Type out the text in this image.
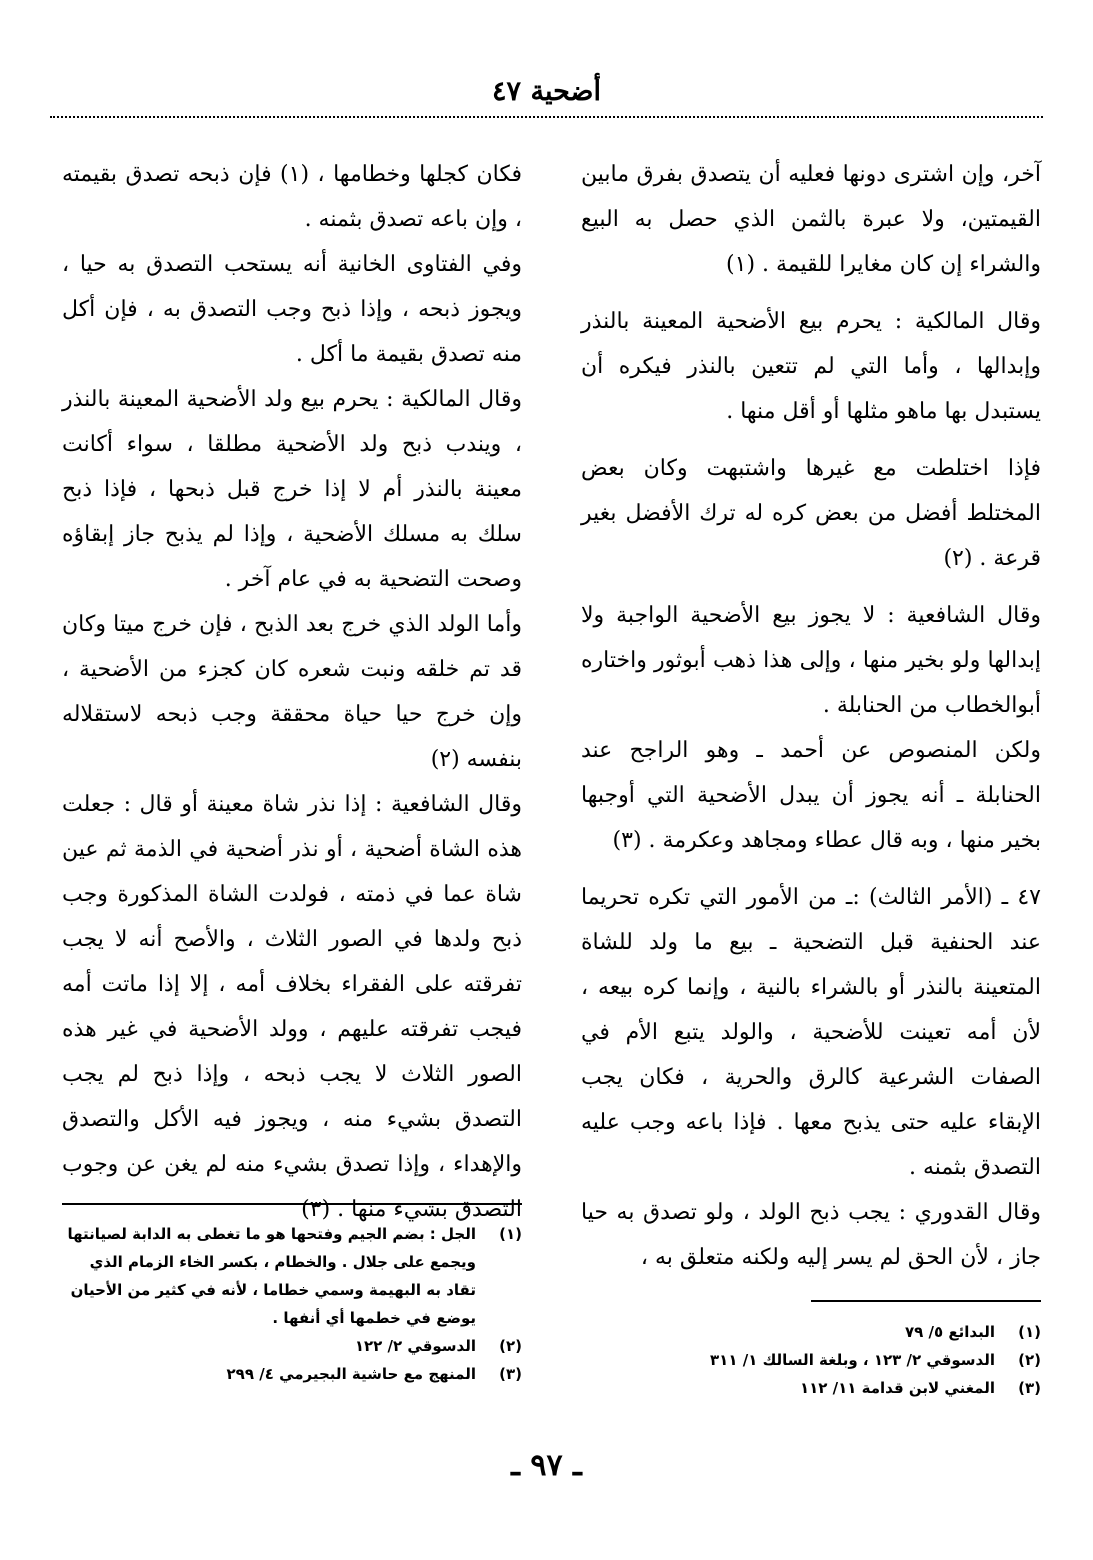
أضحية ٤٧

آخر، وإن اشترى دونها فعليه أن يتصدق بفرق مابين القيمتين، ولا عبرة بالثمن الذي حصل به البيع والشراء إن كان مغايرا للقيمة . (١)

وقال المالكية : يحرم بيع الأضحية المعينة بالنذر وإبدالها ، وأما التي لم تتعين بالنذر فيكره أن يستبدل بها ماهو مثلها أو أقل منها .

فإذا اختلطت مع غيرها واشتبهت وكان بعض المختلط أفضل من بعض كره له ترك الأفضل بغير قرعة . (٢)

وقال الشافعية : لا يجوز بيع الأضحية الواجبة ولا إبدالها ولو بخير منها ، وإلى هذا ذهب أبوثور واختاره أبوالخطاب من الحنابلة .

ولكن المنصوص عن أحمد ـ وهو الراجح عند الحنابلة ـ أنه يجوز أن يبدل الأضحية التي أوجبها بخير منها ، وبه قال عطاء ومجاهد وعكرمة . (٣)

٤٧ ـ (الأمر الثالث) :ـ من الأمور التي تكره تحريما عند الحنفية قبل التضحية ـ بيع ما ولد للشاة المتعينة بالنذر أو بالشراء بالنية ، وإنما كره بيعه ، لأن أمه تعينت للأضحية ، والولد يتبع الأم في الصفات الشرعية كالرق والحرية ، فكان يجب الإبقاء عليه حتى يذبح معها . فإذا باعه وجب عليه التصدق بثمنه .

وقال القدوري : يجب ذبح الولد ، ولو تصدق به حيا جاز ، لأن الحق لم يسر إليه ولكنه متعلق به ،

فكان كجلها وخطامها ، (١) فإن ذبحه تصدق بقيمته ، وإن باعه تصدق بثمنه .

وفي الفتاوى الخانية أنه يستحب التصدق به حيا ، ويجوز ذبحه ، وإذا ذبح وجب التصدق به ، فإن أكل منه تصدق بقيمة ما أكل .

وقال المالكية : يحرم بيع ولد الأضحية المعينة بالنذر ، ويندب ذبح ولد الأضحية مطلقا ، سواء أكانت معينة بالنذر أم لا إذا خرج قبل ذبحها ، فإذا ذبح سلك به مسلك الأضحية ، وإذا لم يذبح جاز إبقاؤه وصحت التضحية به في عام آخر .

وأما الولد الذي خرج بعد الذبح ، فإن خرج ميتا وكان قد تم خلقه ونبت شعره كان كجزء من الأضحية ، وإن خرج حيا حياة محققة وجب ذبحه لاستقلاله بنفسه (٢)

وقال الشافعية : إذا نذر شاة معينة أو قال : جعلت هذه الشاة أضحية ، أو نذر أضحية في الذمة ثم عين شاة عما في ذمته ، فولدت الشاة المذكورة وجب ذبح ولدها في الصور الثلاث ، والأصح أنه لا يجب تفرقته على الفقراء بخلاف أمه ، إلا إذا ماتت أمه فيجب تفرقته عليهم ، وولد الأضحية في غير هذه الصور الثلاث لا يجب ذبحه ، وإذا ذبح لم يجب التصدق بشيء منه ، ويجوز فيه الأكل والتصدق والإهداء ، وإذا تصدق بشيء منه لم يغن عن وجوب التصدق بشيء منها . (٣)

(١)
الجل : بضم الجيم وفتحها هو ما تغطى به الدابة لصيانتها ويجمع على جلال . والخطام ، بكسر الخاء الزمام الذي تقاد به البهيمة وسمي خطاما ، لأنه في كثير من الأحيان يوضع في خطمها أي أنفها .
(٢)
الدسوقي ٢/ ١٢٢
(٣)
المنهج مع حاشية البجيرمي ٤/ ٢٩٩
(١)
البدائع ٥/ ٧٩
(٢)
الدسوقي ٢/ ١٢٣ ، وبلغة السالك ١/ ٣١١
(٣)
المغني لابن قدامة ١١/ ١١٢
ـ ٩٧ ـ
